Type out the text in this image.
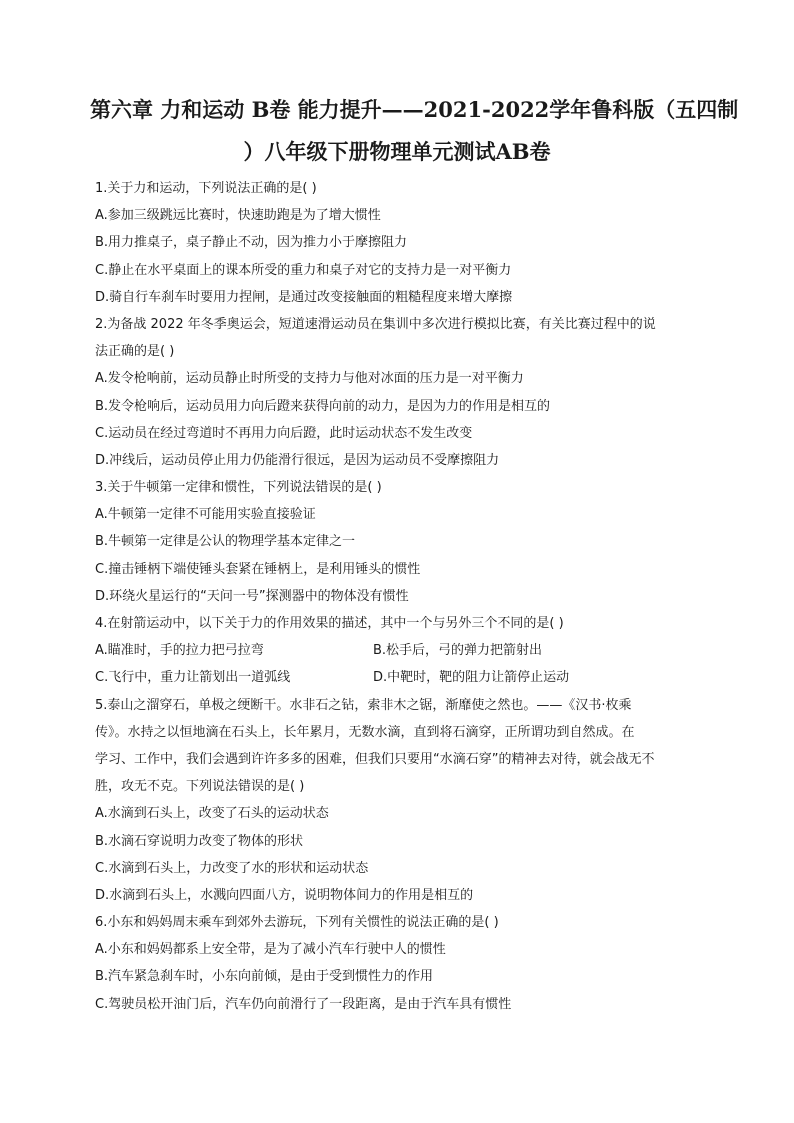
第六章 力和运动 B卷 能力提升——2021-2022学年鲁科版（五四制
）八年级下册物理单元测试AB卷
1.关于力和运动，下列说法正确的是( )
A.参加三级跳远比赛时，快速助跑是为了增大惯性
B.用力推桌子，桌子静止不动，因为推力小于摩擦阻力
C.静止在水平桌面上的课本所受的重力和桌子对它的支持力是一对平衡力
D.骑自行车刹车时要用力捏闸，是通过改变接触面的粗糙程度来增大摩擦
2.为备战 2022 年冬季奥运会，短道速滑运动员在集训中多次进行模拟比赛，有关比赛过程中的说
法正确的是( )
A.发令枪响前，运动员静止时所受的支持力与他对冰面的压力是一对平衡力
B.发令枪响后，运动员用力向后蹬来获得向前的动力，是因为力的作用是相互的
C.运动员在经过弯道时不再用力向后蹬，此时运动状态不发生改变
D.冲线后，运动员停止用力仍能滑行很远，是因为运动员不受摩擦阻力
3.关于牛顿第一定律和惯性，下列说法错误的是( )
A.牛顿第一定律不可能用实验直接验证
B.牛顿第一定律是公认的物理学基本定律之一
C.撞击锤柄下端使锤头套紧在锤柄上，是利用锤头的惯性
D.环绕火星运行的“天问一号”探测器中的物体没有惯性
4.在射箭运动中，以下关于力的作用效果的描述，其中一个与另外三个不同的是( )
A.瞄准时，手的拉力把弓拉弯	B.松手后，弓的弹力把箭射出
C.飞行中，重力让箭划出一道弧线	D.中靶时，靶的阻力让箭停止运动
5.泰山之溜穿石，单极之绠断干。水非石之钻，索非木之锯，渐靡使之然也。——《汉书·枚乘
传》。水持之以恒地滴在石头上，长年累月，无数水滴，直到将石滴穿，正所谓功到自然成。在
学习、工作中，我们会遇到许许多多的困难，但我们只要用“水滴石穿”的精神去对待，就会战无不
胜，攻无不克。下列说法错误的是( )
A.水滴到石头上，改变了石头的运动状态
B.水滴石穿说明力改变了物体的形状
C.水滴到石头上，力改变了水的形状和运动状态
D.水滴到石头上，水溅向四面八方，说明物体间力的作用是相互的
6.小东和妈妈周末乘车到郊外去游玩，下列有关惯性的说法正确的是( )
A.小东和妈妈都系上安全带，是为了减小汽车行驶中人的惯性
B.汽车紧急刹车时，小东向前倾，是由于受到惯性力的作用
C.驾驶员松开油门后，汽车仍向前滑行了一段距离，是由于汽车具有惯性
